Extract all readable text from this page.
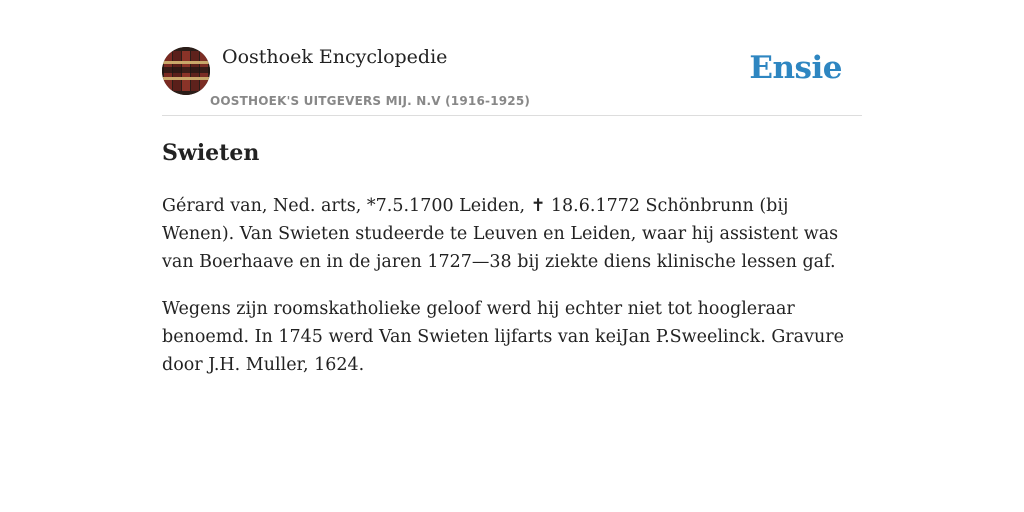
Oosthoek Encyclopedie
OOSTHOEK'S UITGEVERS MIJ. N.V (1916-1925)
Ensie
Swieten

Gérard van, Ned. arts, *7.5.1700 Leiden, ✝ 18.6.1772 Schönbrunn (bij Wenen). Van Swieten studeerde te Leuven en Leiden, waar hij assistent was van Boerhaave en in de jaren 1727—38 bij ziekte diens klinische lessen gaf.

Wegens zijn roomskatholieke geloof werd hij echter niet tot hoogleraar benoemd. In 1745 werd Van Swieten lijfarts van keiJan P.Sweelinck. Gravure door J.H. Muller, 1624.
